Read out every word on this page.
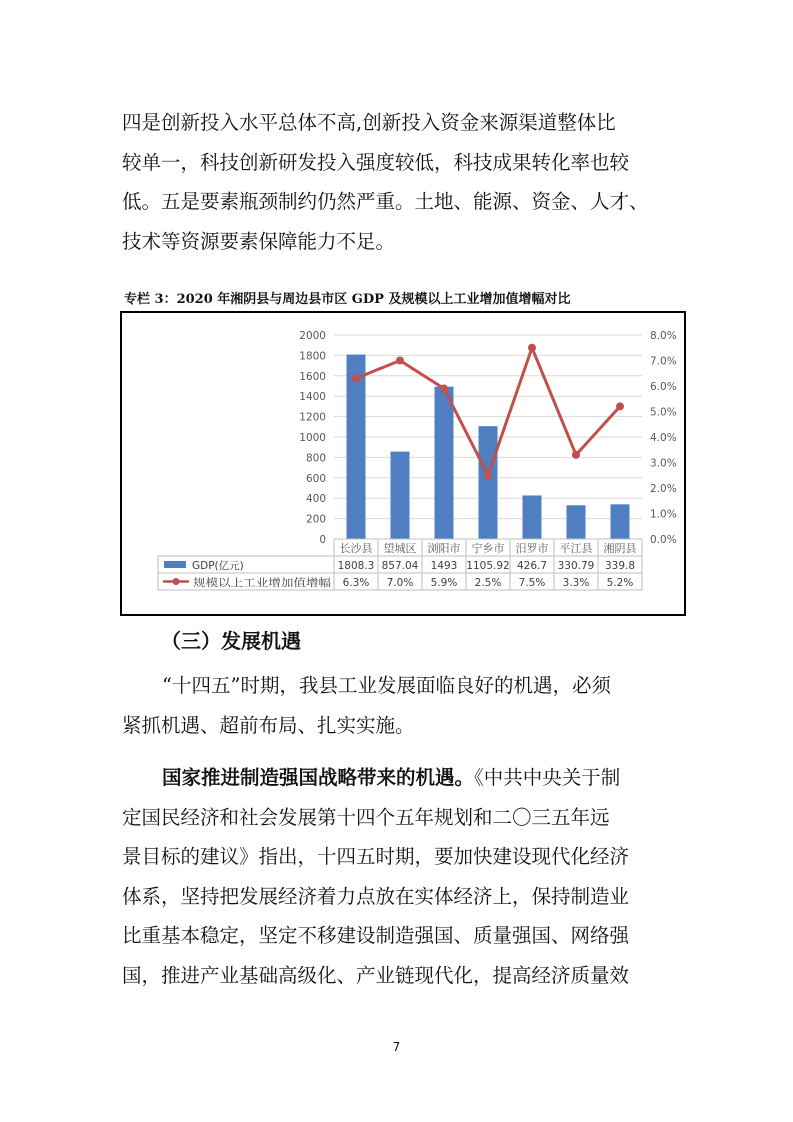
四是创新投入水平总体不高,创新投入资金来源渠道整体比

较单一，科技创新研发投入强度较低，科技成果转化率也较

低。五是要素瓶颈制约仍然严重。土地、能源、资金、人才、

技术等资源要素保障能力不足。

专栏 3：2020 年湘阴县与周边县市区 GDP 及规模以上工业增加值增幅对比
0
200
400
600
800
1000
1200
1400
1600
1800
2000
0.0%
1.0%
2.0%
3.0%
4.0%
5.0%
6.0%
7.0%
8.0%
长沙县 望城区 浏阳市 宁乡市 汨罗市 平江县 湘阴县
GDP(亿元)
规模以上工业增加值增幅
1808.3 857.04 1493 1105.92 426.7 330.79 339.8
6.3% 7.0% 5.9% 2.5% 7.5% 3.3% 5.2%
（三）发展机遇

“十四五”时期，我县工业发展面临良好的机遇，必须

紧抓机遇、超前布局、扎实实施。

国家推进制造强国战略带来的机遇。《中共中央关于制

定国民经济和社会发展第十四个五年规划和二〇三五年远

景目标的建议》指出，十四五时期，要加快建设现代化经济

体系，坚持把发展经济着力点放在实体经济上，保持制造业

比重基本稳定，坚定不移建设制造强国、质量强国、网络强

国，推进产业基础高级化、产业链现代化，提高经济质量效

7
